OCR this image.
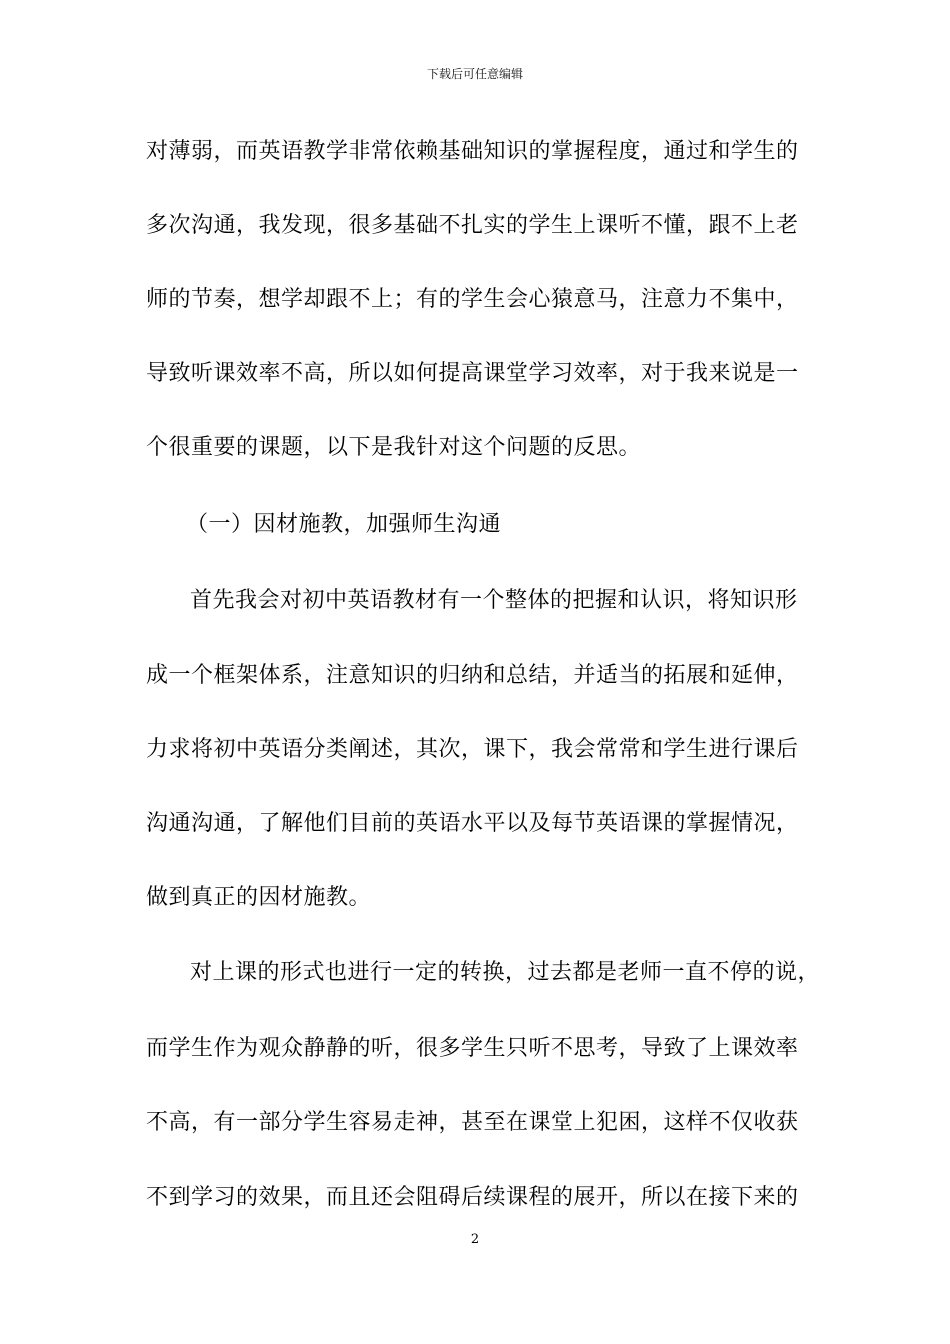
下载后可任意编辑
对薄弱，而英语教学非常依赖基础知识的掌握程度，通过和学生的
多次沟通，我发现，很多基础不扎实的学生上课听不懂，跟不上老
师的节奏，想学却跟不上；有的学生会心猿意马，注意力不集中，
导致听课效率不高，所以如何提高课堂学习效率，对于我来说是一
个很重要的课题，以下是我针对这个问题的反思。
（一）因材施教，加强师生沟通
首先我会对初中英语教材有一个整体的把握和认识，将知识形
成一个框架体系，注意知识的归纳和总结，并适当的拓展和延伸，
力求将初中英语分类阐述，其次，课下，我会常常和学生进行课后
沟通沟通，了解他们目前的英语水平以及每节英语课的掌握情况，
做到真正的因材施教。
对上课的形式也进行一定的转换，过去都是老师一直不停的说，
而学生作为观众静静的听，很多学生只听不思考，导致了上课效率
不高，有一部分学生容易走神，甚至在课堂上犯困，这样不仅收获
不到学习的效果，而且还会阻碍后续课程的展开，所以在接下来的
2
